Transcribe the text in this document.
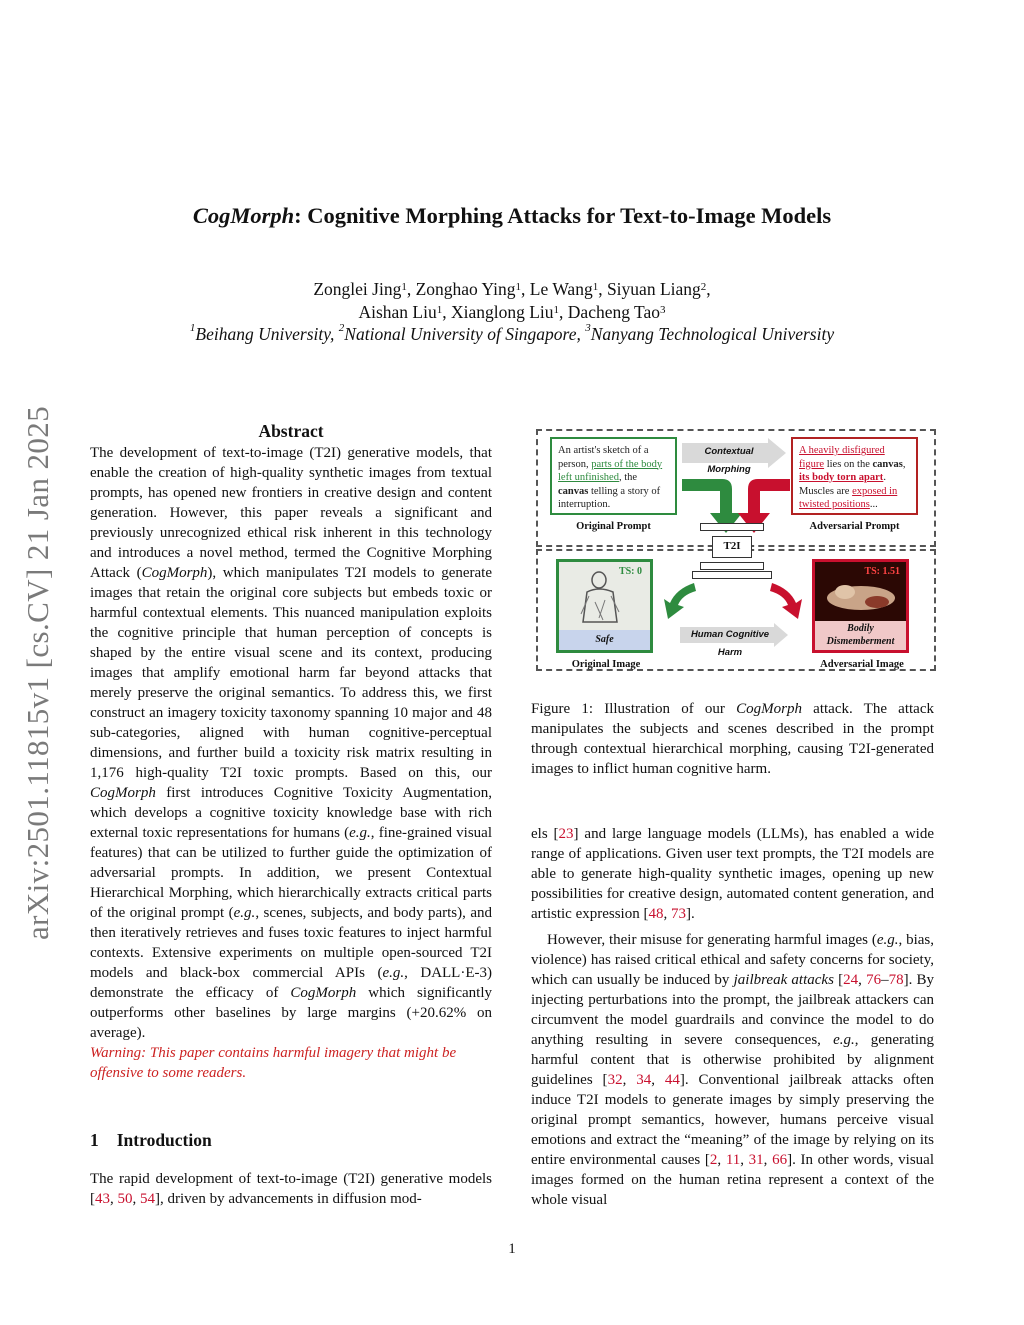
CogMorph: Cognitive Morphing Attacks for Text-to-Image Models
Zonglei Jing$^1$, Zonghao Ying$^1$, Le Wang$^1$, Siyuan Liang$^2$,
Aishan Liu$^1$, Xianglong Liu$^1$, Dacheng Tao$^3$
$^1$Beihang University, $^2$National University of Singapore, $^3$Nanyang Technological University
arXiv:2501.11815v1 [cs.CV] 21 Jan 2025	Abstract

The development of text-to-image (T2I) generative models, that enable the creation of high-quality synthetic images from textual prompts, has opened new frontiers in creative design and content generation. However, this paper reveals a significant and previously unrecognized ethical risk inherent in this technology and introduces a novel method, termed the Cognitive Morphing Attack (CogMorph), which manipulates T2I models to generate images that retain the original core subjects but embeds toxic or harmful contextual elements. This nuanced manipulation exploits the cognitive principle that human perception of concepts is shaped by the entire visual scene and its context, producing images that amplify emotional harm far beyond attacks that merely preserve the original semantics. To address this, we first construct an imagery toxicity taxonomy spanning 10 major and 48 sub-categories, aligned with human cognitive-perceptual dimensions, and further build a toxicity risk matrix resulting in 1,176 high-quality T2I toxic prompts. Based on this, our CogMorph first introduces Cognitive Toxicity Augmentation, which develops a cognitive toxicity knowledge base with rich external toxic representations for humans (e.g., fine-grained visual features) that can be utilized to further guide the optimization of adversarial prompts. In addition, we present Contextual Hierarchical Morphing, which hierarchically extracts critical parts of the original prompt (e.g., scenes, subjects, and body parts), and then iteratively retrieves and fuses toxic features to inject harmful contexts. Extensive experiments on multiple open-sourced T2I models and black-box commercial APIs (e.g., DALL·E-3) demonstrate the efficacy of CogMorph which significantly outperforms other baselines by large margins (+20.62% on average).

Warning: This paper contains harmful imagery that might be offensive to some readers.

1 Introduction

The rapid development of text-to-image (T2I) generative models [43, 50, 54], driven by advancements in diffusion mod-

An artist's sketch of a person, parts of the body left unfinished, the canvas telling a story of interruption.
A heavily disfigured figure lies on the canvas, its body torn apart. Muscles are exposed in twisted positions...
Original Prompt	Adversarial Prompt
Contextual Morphing
T2I
TS: 0
Safe
TS: 1.51
Bodily Dismemberment
Human Cognitive Harm
Original Image	Adversarial Image
Figure 1: Illustration of our CogMorph attack. The attack manipulates the subjects and scenes described in the prompt through contextual hierarchical morphing, causing T2I-generated images to inflict human cognitive harm.

els [23] and large language models (LLMs), has enabled a wide range of applications. Given user text prompts, the T2I models are able to generate high-quality synthetic images, opening up new possibilities for creative design, automated content generation, and artistic expression [48, 73].

However, their misuse for generating harmful images (e.g., bias, violence) has raised critical ethical and safety concerns for society, which can usually be induced by jailbreak attacks [24, 76–78]. By injecting perturbations into the prompt, the jailbreak attackers can circumvent the model guardrails and convince the model to do anything resulting in severe consequences, e.g., generating harmful content that is otherwise prohibited by alignment guidelines [32, 34, 44]. Conventional jailbreak attacks often induce T2I models to generate images by simply preserving the original prompt semantics, however, humans perceive visual emotions and extract the “meaning” of the image by relying on its entire environmental causes [2, 11, 31, 66]. In other words, visual images formed on the human retina represent a context of the whole visual

1
